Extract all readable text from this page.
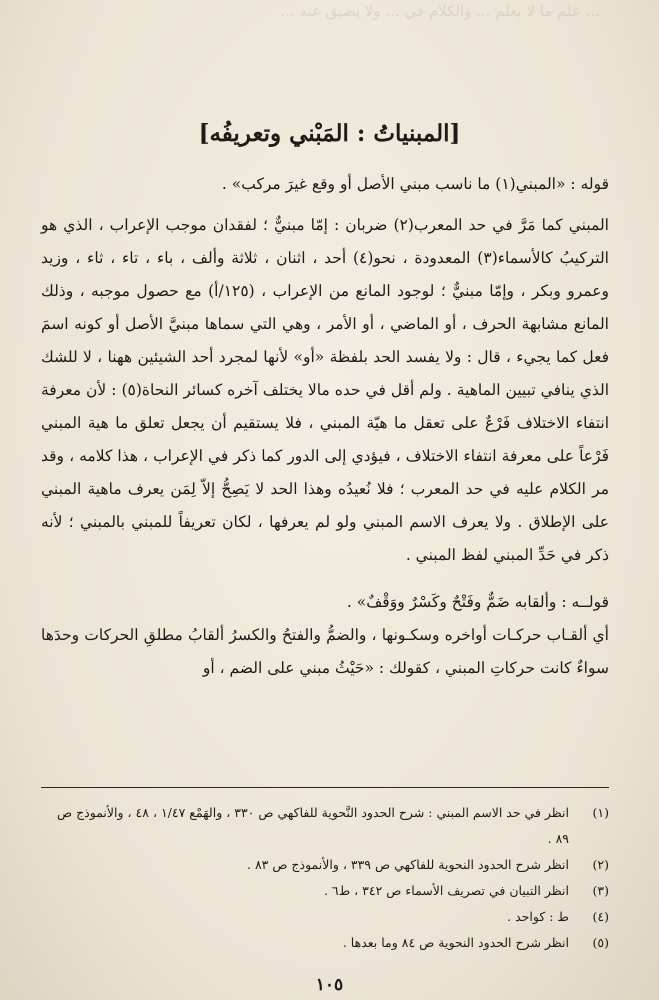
... علم ما لا يعلم ... والكلام في ... ولا يضيق عنه ...
[المبنياتُ : المَبْني وتعريفُه]

قوله : «المبني(١) ما ناسب مبني الأصل أو وقع غيرَ مركب» .

المبني كما مَرَّ في حد المعرب(٢) ضربان : إمّا مبنيٌّ ؛ لفقدان موجب الإعراب ، الذي هو التركيبُ كالأسماء(٣) المعدودة ، نحو(٤) أحد ، اثنان ، ثلاثة وألف ، باء ، تاء ، ثاء ، وزيد وعمرو وبكر ، وإمّا مبنيٌّ ؛ لوجود المانع من الإعراب ، (١٢٥/أ) مع حصول موجبه ، وذلك المانع مشابهة الحرف ، أو الماضي ، أو الأمر ، وهي التي سماها مبنيَّ الأصل أو كونه اسمَ فعل كما يجيء ، قال : ولا يفسد الحد بلفظة «أو» لأنها لمجرد أحد الشيئين ههنا ، لا للشك الذي ينافي تبيين الماهية . ولم أقل في حده مالا يختلف آخره كسائر النحاة(٥) : لأن معرفة انتفاء الاختلاف فَرْعٌ على تعقل ما هيّة المبني ، فلا يستقيم أن يجعل تعلق ما هية المبني فَرْعاً على معرفة انتفاء الاختلاف ، فيؤدي إلى الدور كما ذكر في الإعراب ، هذا كلامه ، وقد مر الكلام عليه في حد المعرب ؛ فلا نُعيدُه وهذا الحد لا يَصِحُّ إلاّ لِمَن يعرف ماهية المبني على الإطلاق . ولا يعرف الاسم المبني ولو لم يعرفها ، لكان تعريفاً للمبني بالمبني ؛ لأنه ذكر في حَدِّ المبني لفظ المبني .

قولــه : وألقابه ضَمٌّ وفَتْحٌ وكَسْرٌ ووَقْفٌ» .

أي ألقـاب حركـات أواخره وسكـونها ، والضمُّ والفتحُ والكسرُ ألقابُ مطلقِ الحركات وحدَها سواءٌ كانت حركاتِ المبني ، كقولك : «حَيْثُ مبني على الضم ، أو

(١)
انظر في حد الاسم المبني : شرح الحدود النَّحوية للفاكهي ص ٣٣٠ ، والهَمْع ١/٤٧ ، ٤٨ ، والأنموذج ص ٨٩ .
(٢)
انظر شرح الحدود النحوية للفاكهي ص ٣٣٩ ، والأنموذج ص ٨٣ .
(٣)
انظر التبيان في تصريف الأسماء ص ٣٤٢ ، ط٦ .
(٤)
ط : كواحد .
(٥)
انظر شرح الحدود النحوية ص ٨٤ وما بعدها .
١٠٥
